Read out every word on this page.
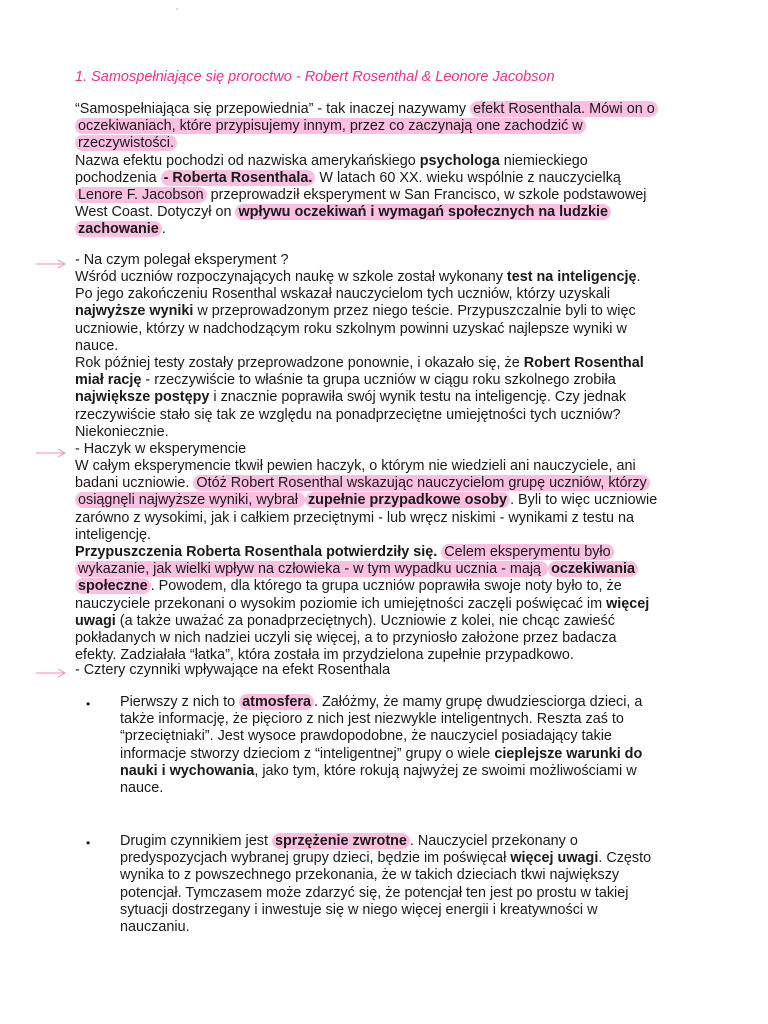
1. Samospełniające się proroctwo - Robert Rosenthal & Leonore Jacobson
“Samospełniająca się przepowiednia” - tak inaczej nazywamy efekt Rosenthala. Mówi on o
oczekiwaniach, które przypisujemy innym, przez co zaczynają one zachodzić w
rzeczywistości.
Nazwa efektu pochodzi od nazwiska amerykańskiego psychologa niemieckiego
pochodzenia - Roberta Rosenthala. W latach 60 XX. wieku wspólnie z nauczycielką
Lenore F. Jacobson przeprowadził eksperyment w San Francisco, w szkole podstawowej
West Coast. Dotyczył on wpływu oczekiwań i wymagań społecznych na ludzkie
zachowanie .
- Na czym polegał eksperyment ?
Wśród uczniów rozpoczynających naukę w szkole został wykonany test na inteligencję.
Po jego zakończeniu Rosenthal wskazał nauczycielom tych uczniów, którzy uzyskali
najwyższe wyniki w przeprowadzonym przez niego teście. Przypuszczalnie byli to więc
uczniowie, którzy w nadchodzącym roku szkolnym powinni uzyskać najlepsze wyniki w
nauce.
Rok później testy zostały przeprowadzone ponownie, i okazało się, że Robert Rosenthal
miał rację - rzeczywiście to właśnie ta grupa uczniów w ciągu roku szkolnego zrobiła
największe postępy i znacznie poprawiła swój wynik testu na inteligencję. Czy jednak
rzeczywiście stało się tak ze względu na ponadprzeciętne umiejętności tych uczniów?
Niekoniecznie.
- Haczyk w eksperymencie
W całym eksperymencie tkwił pewien haczyk, o którym nie wiedzieli ani nauczyciele, ani
badani uczniowie. Otóż Robert Rosenthal wskazując nauczycielom grupę uczniów, którzy
osiągnęli najwyższe wyniki, wybrał zupełnie przypadkowe osoby . Byli to więc uczniowie
zarówno z wysokimi, jak i całkiem przeciętnymi - lub wręcz niskimi - wynikami z testu na
inteligencję.
Przypuszczenia Roberta Rosenthala potwierdziły się. Celem eksperymentu było
wykazanie, jak wielki wpływ na człowieka - w tym wypadku ucznia - mają oczekiwania
społeczne . Powodem, dla którego ta grupa uczniów poprawiła swoje noty było to, że
nauczyciele przekonani o wysokim poziomie ich umiejętności zaczęli poświęcać im więcej
uwagi (a także uważać za ponadprzeciętnych). Uczniowie z kolei, nie chcąc zawieść
pokładanych w nich nadziei uczyli się więcej, a to przyniosło założone przez badacza
efekty. Zadziałała “łatka”, która została im przydzielona zupełnie przypadkowo.
- Cztery czynniki wpływające na efekt Rosenthala
• Pierwszy z nich to atmosfera . Załóżmy, że mamy grupę dwudziesciorga dzieci, a
także informację, że pięcioro z nich jest niezwykle inteligentnych. Reszta zaś to
“przeciętniaki”. Jest wysoce prawdopodobne, że nauczyciel posiadający takie
informacje stworzy dzieciom z “inteligentnej” grupy o wiele cieplejsze warunki do
nauki i wychowania, jako tym, które rokują najwyżej ze swoimi możliwościami w
nauce.
• Drugim czynnikiem jest sprzężenie zwrotne . Nauczyciel przekonany o
predyspozycjach wybranej grupy dzieci, będzie im poświęcał więcej uwagi. Często
wynika to z powszechnego przekonania, że w takich dzieciach tkwi największy
potencjał. Tymczasem może zdarzyć się, że potencjał ten jest po prostu w takiej
sytuacji dostrzegany i inwestuje się w niego więcej energii i kreatywności w
nauczaniu.
